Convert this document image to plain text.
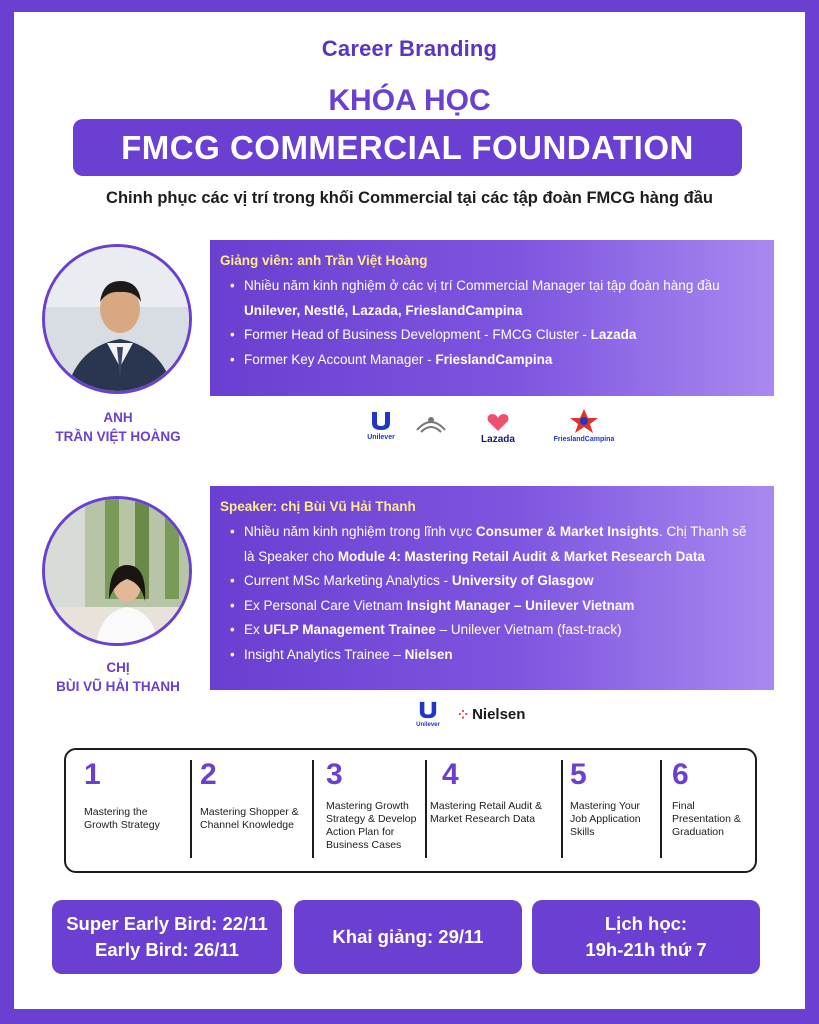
Career Branding
KHÓA HỌC
FMCG COMMERCIAL FOUNDATION
Chinh phục các vị trí trong khối Commercial tại các tập đoàn FMCG hàng đầu
ANH
TRẦN VIỆT HOÀNG
Giảng viên: anh Trần Việt Hoàng
• Nhiều năm kinh nghiệm ở các vị trí Commercial Manager tại tập đoàn hàng đầu Unilever, Nestlé, Lazada, FrieslandCampina
• Former Head of Business Development - FMCG Cluster - Lazada
• Former Key Account Manager - FrieslandCampina
Unilever	Lazada	FrieslandCampina
CHỊ
BÙI VŨ HẢI THANH
Speaker: chị Bùi Vũ Hải Thanh
• Nhiều năm kinh nghiệm trong lĩnh vực Consumer & Market Insights. Chị Thanh sẽ là Speaker cho Module 4: Mastering Retail Audit & Market Research Data
• Current MSc Marketing Analytics - University of Glasgow
• Ex Personal Care Vietnam Insight Manager – Unilever Vietnam
• Ex UFLP Management Trainee – Unilever Vietnam (fast-track)
• Insight Analytics Trainee – Nielsen
Unilever
⁘ Nielsen
1
Mastering the Growth Strategy
2
Mastering Shopper & Channel Knowledge
3
Mastering Growth Strategy & Develop Action Plan for Business Cases
4
Mastering Retail Audit & Market Research Data
5
Mastering Your Job Application Skills
6
Final Presentation & Graduation
Super Early Bird: 22/11
Early Bird: 26/11
Khai giảng: 29/11
Lịch học:
19h-21h thứ 7
